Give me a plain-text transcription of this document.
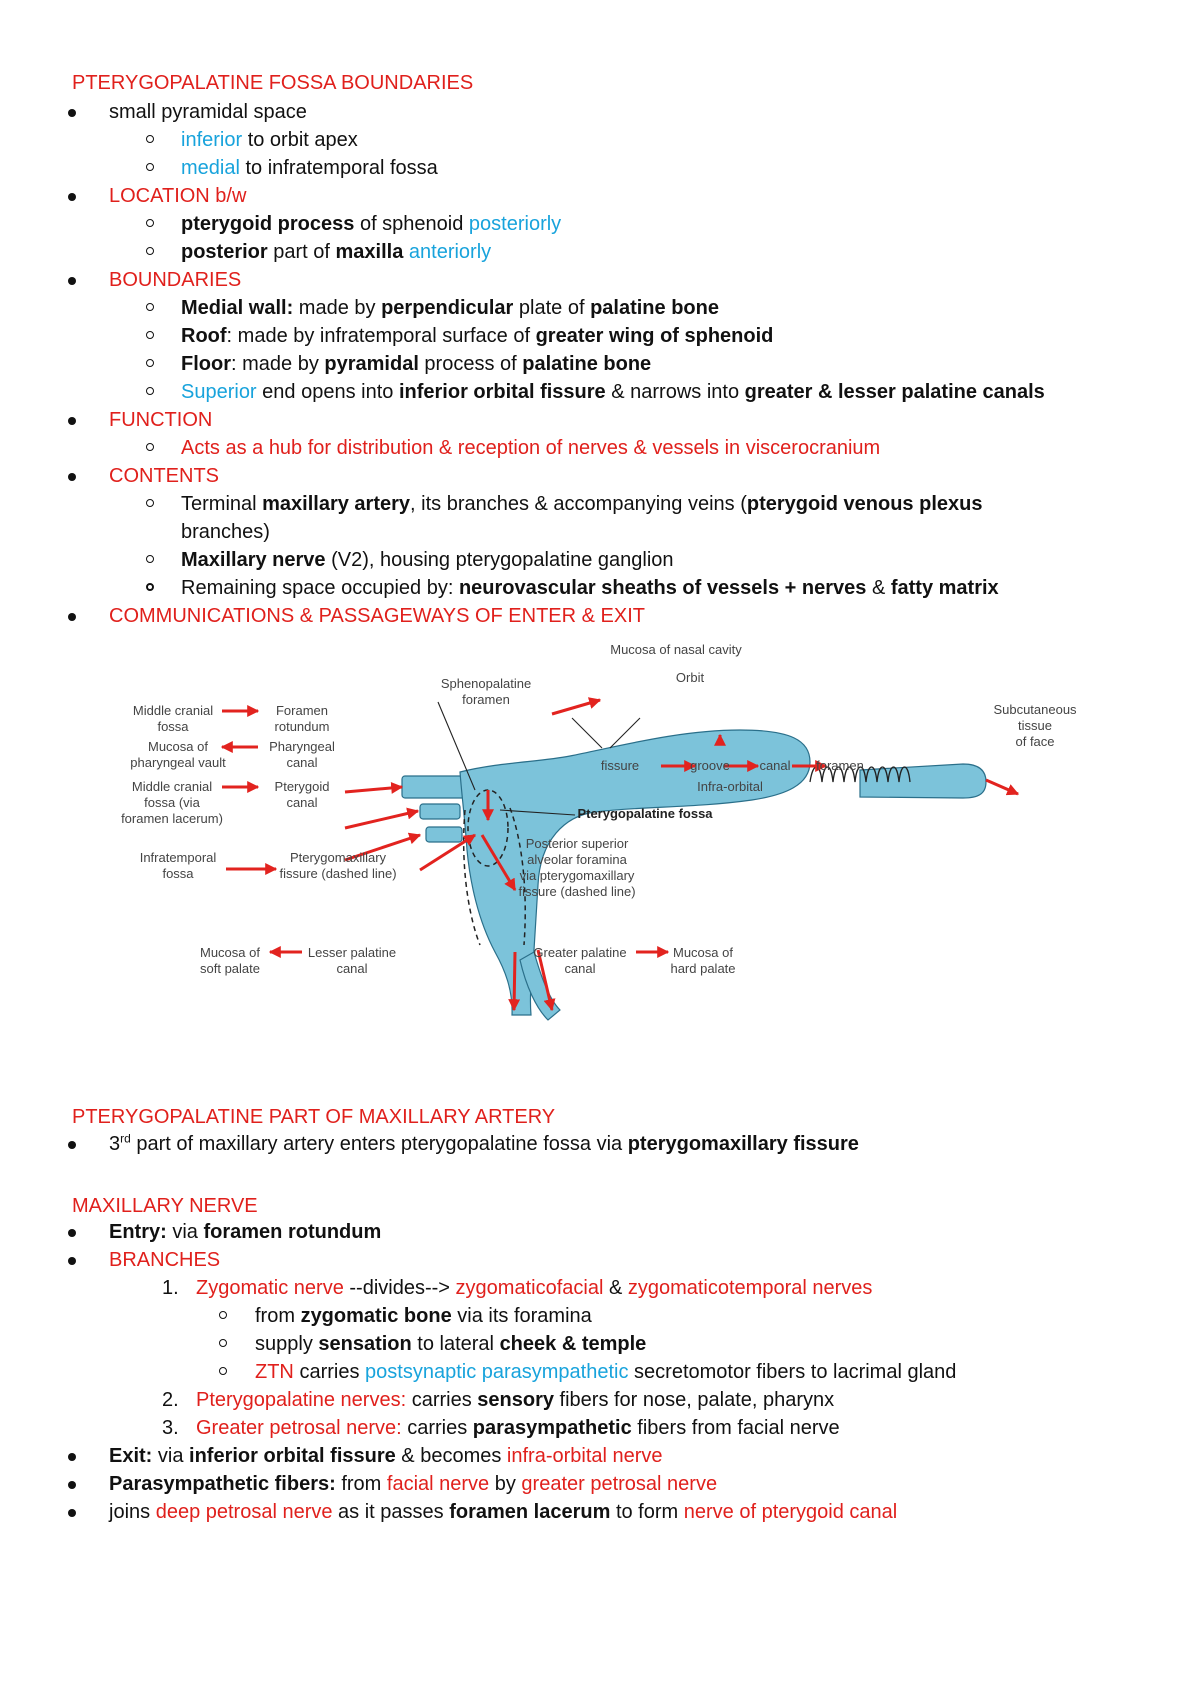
PTERYGOPALATINE FOSSA BOUNDARIES
small pyramidal space
inferior to orbit apex
medial to infratemporal fossa
LOCATION b/w
pterygoid process of sphenoid posteriorly
posterior part of maxilla anteriorly
BOUNDARIES
Medial wall: made by perpendicular plate of palatine bone
Roof: made by infratemporal surface of greater wing of sphenoid
Floor: made by pyramidal process of palatine bone
Superior end opens into inferior orbital fissure & narrows into greater & lesser palatine canals
FUNCTION
Acts as a hub for distribution & reception of nerves & vessels in viscerocranium
CONTENTS
Terminal maxillary artery, its branches & accompanying veins (pterygoid venous plexus
branches)
Maxillary nerve (V2), housing pterygopalatine ganglion
Remaining space occupied by: neurovascular sheaths of vessels + nerves & fatty matrix
COMMUNICATIONS & PASSAGEWAYS OF ENTER & EXIT
Middle cranial fossa
Foramen rotundum
Mucosa of pharyngeal vault
Pharyngeal canal
Middle cranial fossa (via foramen lacerum)
Pterygoid canal
Infratemporal fossa
Pterygomaxillary fissure (dashed line)
Sphenopalatine foramen
Mucosa of nasal cavity
Orbit
Subcutaneous tissue of face
fissure	groove canal foramen
Infra-orbital
Pterygopalatine fossa
Posterior superior alveolar foramina via pterygomaxillary fissure (dashed line)
Mucosa of soft palate
Lesser palatine canal
Greater palatine canal
Mucosa of hard palate
PTERYGOPALATINE PART OF MAXILLARY ARTERY
3rd part of maxillary artery enters pterygopalatine fossa via pterygomaxillary fissure
MAXILLARY NERVE
Entry: via foramen rotundum
BRANCHES
1. Zygomatic nerve --divides--> zygomaticofacial & zygomaticotemporal nerves
from zygomatic bone via its foramina
supply sensation to lateral cheek & temple
ZTN carries postsynaptic parasympathetic secretomotor fibers to lacrimal gland
2. Pterygopalatine nerves: carries sensory fibers for nose, palate, pharynx
3. Greater petrosal nerve: carries parasympathetic fibers from facial nerve
Exit: via inferior orbital fissure & becomes infra-orbital nerve
Parasympathetic fibers: from facial nerve by greater petrosal nerve
joins deep petrosal nerve as it passes foramen lacerum to form nerve of pterygoid canal
